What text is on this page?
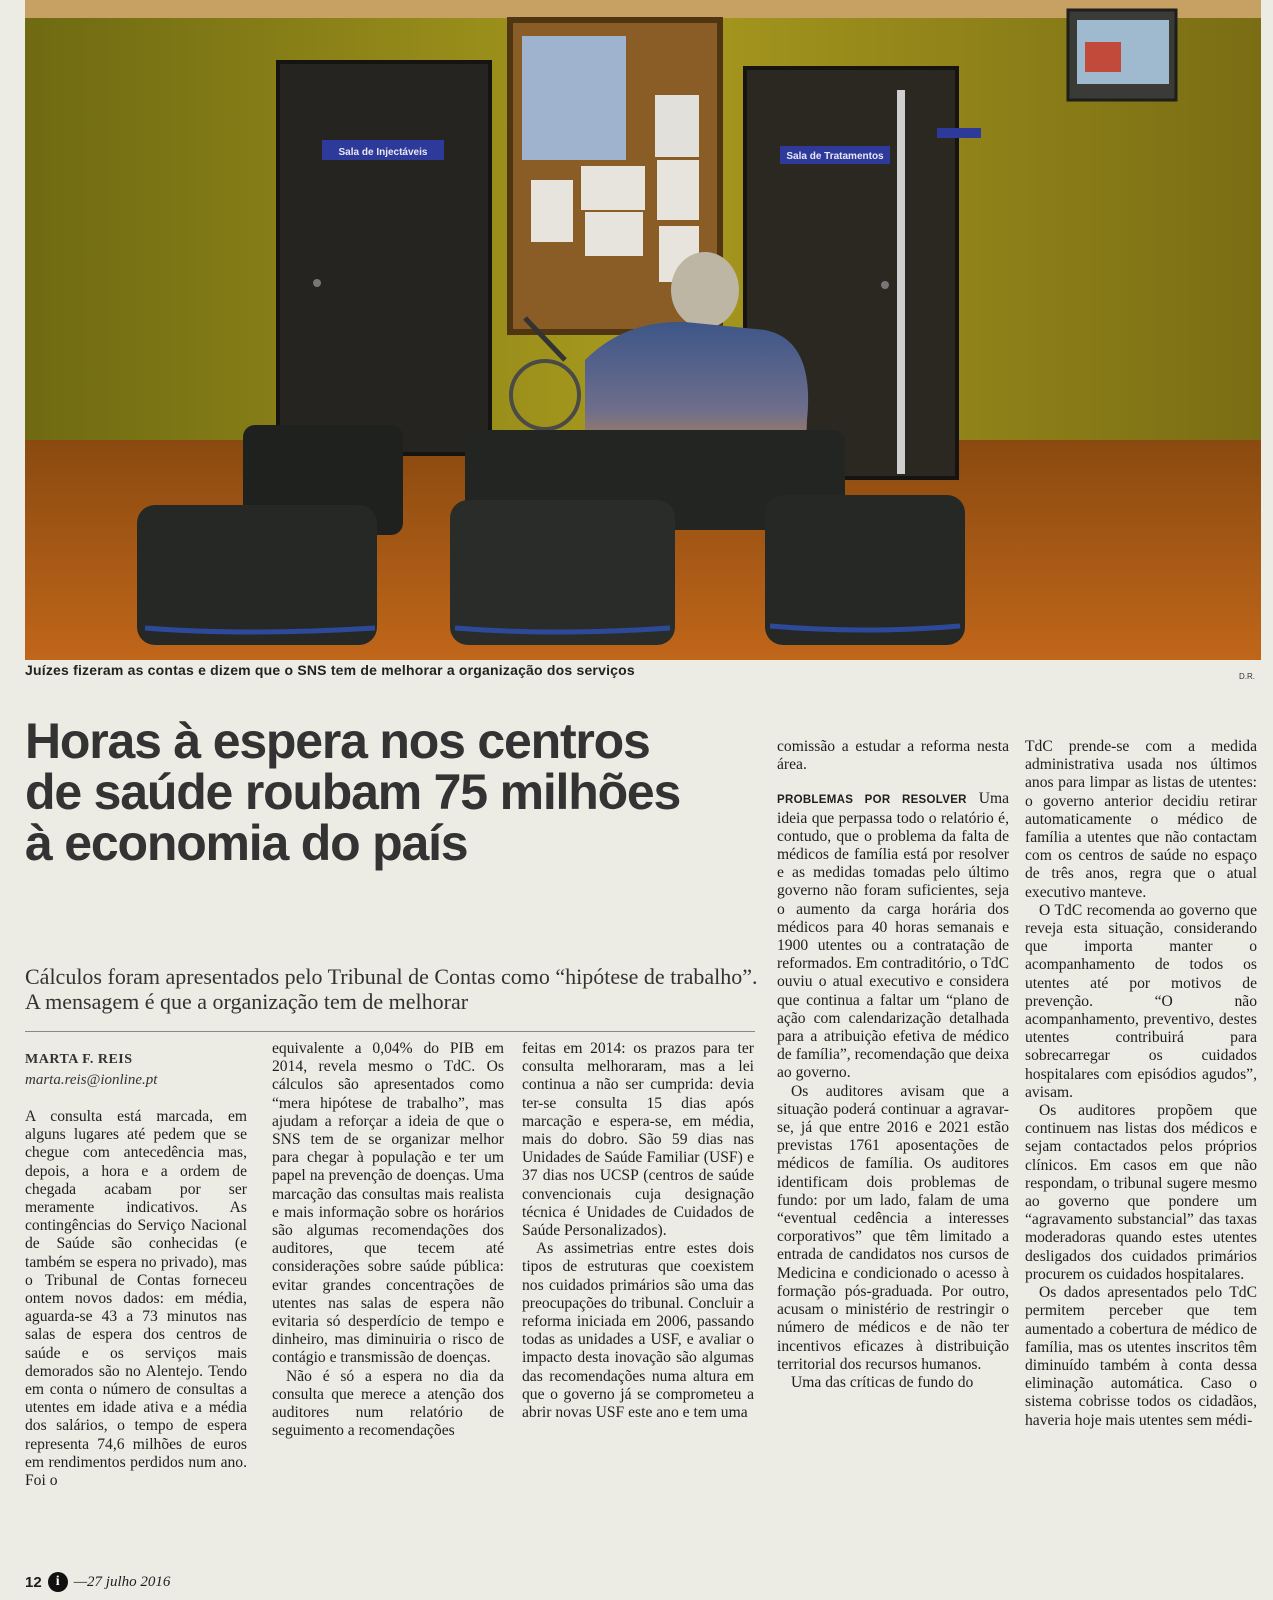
Sala de Injectáveis	Sala de Tratamentos
Juízes fizeram as contas e dizem que o SNS tem de melhorar a organização dos serviços	D.R.
Horas à espera nos centros
de saúde roubam 75 milhões
à economia do país
Cálculos foram apresentados pelo Tribunal de Contas como “hipótese de trabalho”. A mensagem é que a organização tem de melhorar
MARTA F. REIS
marta.reis@ionline.pt

A consulta está marcada, em alguns lugares até pedem que se chegue com antecedência mas, depois, a hora e a ordem de chegada acabam por ser meramente indicativos. As contingências do Serviço Nacional de Saúde são conhecidas (e também se espera no privado), mas o Tribunal de Contas forneceu ontem novos dados: em média, aguarda-se 43 a 73 minutos nas salas de espera dos centros de saúde e os serviços mais demorados são no Alentejo. Tendo em conta o número de consultas a utentes em idade ativa e a média dos salários, o tempo de espera representa 74,6 milhões de euros em rendimentos perdidos num ano. Foi o

equivalente a 0,04% do PIB em 2014, revela mesmo o TdC. Os cálculos são apresentados como “mera hipótese de trabalho”, mas ajudam a reforçar a ideia de que o SNS tem de se organizar melhor para chegar à população e ter um papel na prevenção de doenças. Uma marcação das consultas mais realista e mais informação sobre os horários são algumas recomendações dos auditores, que tecem até considerações sobre saúde pública: evitar grandes concentrações de utentes nas salas de espera não evitaria só desperdício de tempo e dinheiro, mas diminuiria o risco de contágio e transmissão de doenças.

Não é só a espera no dia da consulta que merece a atenção dos auditores num relatório de seguimento a recomendações

feitas em 2014: os prazos para ter consulta melhoraram, mas a lei continua a não ser cumprida: devia ter-se consulta 15 dias após marcação e espera-se, em média, mais do dobro. São 59 dias nas Unidades de Saúde Familiar (USF) e 37 dias nos UCSP (centros de saúde convencionais cuja designação técnica é Unidades de Cuidados de Saúde Personalizados).

As assimetrias entre estes dois tipos de estruturas que coexistem nos cuidados primários são uma das preocupações do tribunal. Concluir a reforma iniciada em 2006, passando todas as unidades a USF, e avaliar o impacto desta inovação são algumas das recomendações numa altura em que o governo já se comprometeu a abrir novas USF este ano e tem uma

comissão a estudar a reforma nesta área.

PROBLEMAS POR RESOLVER Uma ideia que perpassa todo o relatório é, contudo, que o problema da falta de médicos de família está por resolver e as medidas tomadas pelo último governo não foram suficientes, seja o aumento da carga horária dos médicos para 40 horas semanais e 1900 utentes ou a contratação de reformados. Em contraditório, o TdC ouviu o atual executivo e considera que continua a faltar um “plano de ação com calendarização detalhada para a atribuição efetiva de médico de família”, recomendação que deixa ao governo.

Os auditores avisam que a situação poderá continuar a agravar-se, já que entre 2016 e 2021 estão previstas 1761 aposentações de médicos de família. Os auditores identificam dois problemas de fundo: por um lado, falam de uma “eventual cedência a interesses corporativos” que têm limitado a entrada de candidatos nos cursos de Medicina e condicionado o acesso à formação pós-graduada. Por outro, acusam o ministério de restringir o número de médicos e de não ter incentivos eficazes à distribuição territorial dos recursos humanos.

Uma das críticas de fundo do

TdC prende-se com a medida administrativa usada nos últimos anos para limpar as listas de utentes: o governo anterior decidiu retirar automaticamente o médico de família a utentes que não contactam com os centros de saúde no espaço de três anos, regra que o atual executivo manteve.

O TdC recomenda ao governo que reveja esta situação, considerando que importa manter o acompanhamento de todos os utentes até por motivos de prevenção. “O não acompanhamento, preventivo, destes utentes contribuirá para sobrecarregar os cuidados hospitalares com episódios agudos”, avisam.

Os auditores propõem que continuem nas listas dos médicos e sejam contactados pelos próprios clínicos. Em casos em que não respondam, o tribunal sugere mesmo ao governo que pondere um “agravamento substancial” das taxas moderadoras quando estes utentes desligados dos cuidados primários procurem os cuidados hospitalares.

Os dados apresentados pelo TdC permitem perceber que tem aumentado a cobertura de médico de família, mas os utentes inscritos têm diminuído também à conta dessa eliminação automática. Caso o sistema cobrisse todos os cidadãos, haveria hoje mais utentes sem médi-

12	i —27 julho 2016
